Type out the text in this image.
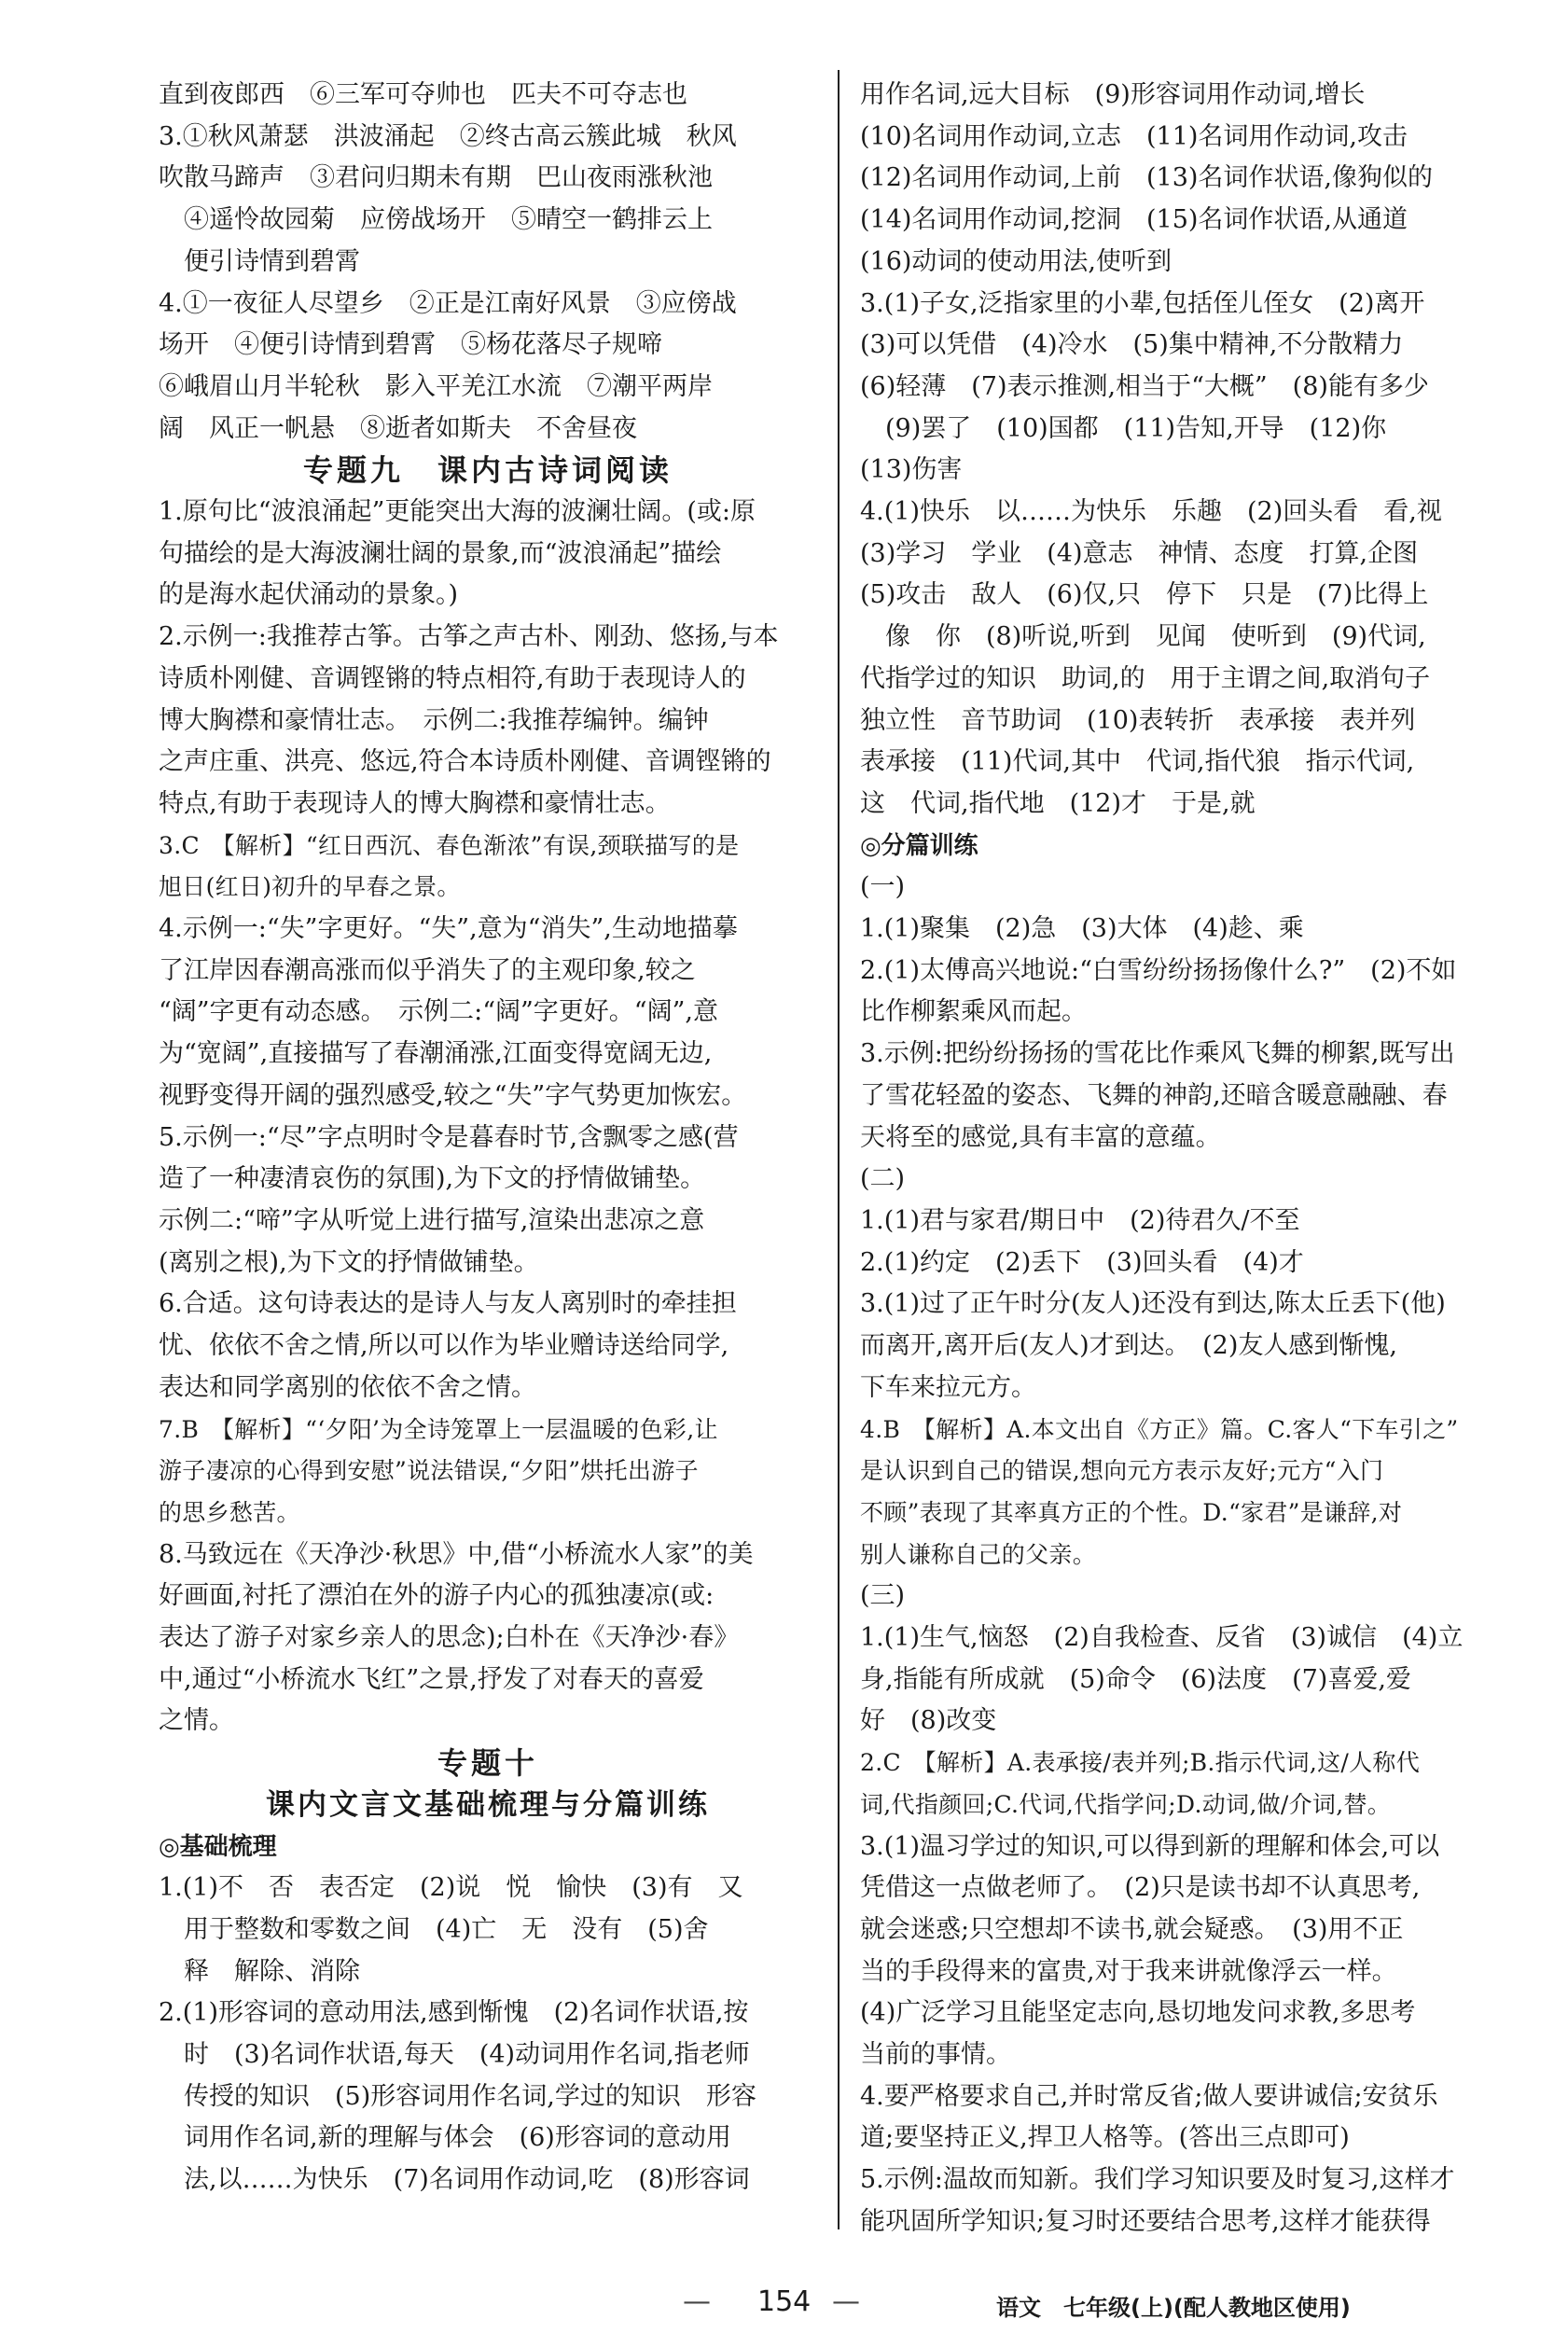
直到夜郎西　⑥三军可夺帅也　匹夫不可夺志也
3.①秋风萧瑟　洪波涌起　②终古高云簇此城　秋风
吹散马蹄声　③君问归期未有期　巴山夜雨涨秋池
　④遥怜故园菊　应傍战场开　⑤晴空一鹤排云上
　便引诗情到碧霄
4.①一夜征人尽望乡　②正是江南好风景　③应傍战
场开　④便引诗情到碧霄　⑤杨花落尽子规啼
⑥峨眉山月半轮秋　影入平羌江水流　⑦潮平两岸
阔　风正一帆悬　⑧逝者如斯夫　不舍昼夜
专题九　课内古诗词阅读
1.原句比“波浪涌起”更能突出大海的波澜壮阔。(或:原
句描绘的是大海波澜壮阔的景象,而“波浪涌起”描绘
的是海水起伏涌动的景象。)
2.示例一:我推荐古筝。古筝之声古朴、刚劲、悠扬,与本
诗质朴刚健、音调铿锵的特点相符,有助于表现诗人的
博大胸襟和豪情壮志。　示例二:我推荐编钟。编钟
之声庄重、洪亮、悠远,符合本诗质朴刚健、音调铿锵的
特点,有助于表现诗人的博大胸襟和豪情壮志。
3.C　【解析】“红日西沉、春色渐浓”有误,颈联描写的是
旭日(红日)初升的早春之景。
4.示例一:“失”字更好。“失”,意为“消失”,生动地描摹
了江岸因春潮高涨而似乎消失了的主观印象,较之
“阔”字更有动态感。　示例二:“阔”字更好。“阔”,意
为“宽阔”,直接描写了春潮涌涨,江面变得宽阔无边,
视野变得开阔的强烈感受,较之“失”字气势更加恢宏。
5.示例一:“尽”字点明时令是暮春时节,含飘零之感(营
造了一种凄清哀伤的氛围),为下文的抒情做铺垫。
示例二:“啼”字从听觉上进行描写,渲染出悲凉之意
(离别之根),为下文的抒情做铺垫。
6.合适。这句诗表达的是诗人与友人离别时的牵挂担
忧、依依不舍之情,所以可以作为毕业赠诗送给同学,
表达和同学离别的依依不舍之情。
7.B　【解析】“‘夕阳’为全诗笼罩上一层温暖的色彩,让
游子凄凉的心得到安慰”说法错误,“夕阳”烘托出游子
的思乡愁苦。
8.马致远在《天净沙·秋思》中,借“小桥流水人家”的美
好画面,衬托了漂泊在外的游子内心的孤独凄凉(或:
表达了游子对家乡亲人的思念);白朴在《天净沙·春》
中,通过“小桥流水飞红”之景,抒发了对春天的喜爱
之情。
专题十
课内文言文基础梳理与分篇训练
◎基础梳理
1.(1)不　否　表否定　(2)说　悦　愉快　(3)有　又
　用于整数和零数之间　(4)亡　无　没有　(5)舍
　释　解除、消除
2.(1)形容词的意动用法,感到惭愧　(2)名词作状语,按
　时　(3)名词作状语,每天　(4)动词用作名词,指老师
　传授的知识　(5)形容词用作名词,学过的知识　形容
　词用作名词,新的理解与体会　(6)形容词的意动用
　法,以……为快乐　(7)名词用作动词,吃　(8)形容词
用作名词,远大目标　(9)形容词用作动词,增长
(10)名词用作动词,立志　(11)名词用作动词,攻击
(12)名词用作动词,上前　(13)名词作状语,像狗似的
(14)名词用作动词,挖洞　(15)名词作状语,从通道
(16)动词的使动用法,使听到
3.(1)子女,泛指家里的小辈,包括侄儿侄女　(2)离开
(3)可以凭借　(4)冷水　(5)集中精神,不分散精力
(6)轻薄　(7)表示推测,相当于“大概”　(8)能有多少
　(9)罢了　(10)国都　(11)告知,开导　(12)你
(13)伤害
4.(1)快乐　以……为快乐　乐趣　(2)回头看　看,视
(3)学习　学业　(4)意志　神情、态度　打算,企图
(5)攻击　敌人　(6)仅,只　停下　只是　(7)比得上
　像　你　(8)听说,听到　见闻　使听到　(9)代词,
代指学过的知识　助词,的　用于主谓之间,取消句子
独立性　音节助词　(10)表转折　表承接　表并列
表承接　(11)代词,其中　代词,指代狼　指示代词,
这　代词,指代地　(12)才　于是,就
◎分篇训练
(一)
1.(1)聚集　(2)急　(3)大体　(4)趁、乘
2.(1)太傅高兴地说:“白雪纷纷扬扬像什么?”　(2)不如
比作柳絮乘风而起。
3.示例:把纷纷扬扬的雪花比作乘风飞舞的柳絮,既写出
了雪花轻盈的姿态、飞舞的神韵,还暗含暖意融融、春
天将至的感觉,具有丰富的意蕴。
(二)
1.(1)君与家君/期日中　(2)待君久/不至
2.(1)约定　(2)丢下　(3)回头看　(4)才
3.(1)过了正午时分(友人)还没有到达,陈太丘丢下(他)
而离开,离开后(友人)才到达。　(2)友人感到惭愧,
下车来拉元方。
4.B　【解析】A.本文出自《方正》篇。C.客人“下车引之”
是认识到自己的错误,想向元方表示友好;元方“入门
不顾”表现了其率真方正的个性。D.“家君”是谦辞,对
别人谦称自己的父亲。
(三)
1.(1)生气,恼怒　(2)自我检查、反省　(3)诚信　(4)立
身,指能有所成就　(5)命令　(6)法度　(7)喜爱,爱
好　(8)改变
2.C　【解析】A.表承接/表并列;B.指示代词,这/人称代
词,代指颜回;C.代词,代指学问;D.动词,做/介词,替。
3.(1)温习学过的知识,可以得到新的理解和体会,可以
凭借这一点做老师了。　(2)只是读书却不认真思考,
就会迷惑;只空想却不读书,就会疑惑。　(3)用不正
当的手段得来的富贵,对于我来讲就像浮云一样。
(4)广泛学习且能坚定志向,恳切地发问求教,多思考
当前的事情。
4.要严格要求自己,并时常反省;做人要讲诚信;安贫乐
道;要坚持正义,捍卫人格等。(答出三点即可)
5.示例:温故而知新。我们学习知识要及时复习,这样才
能巩固所学知识;复习时还要结合思考,这样才能获得
— 154 —	语文　七年级(上)(配人教地区使用)
